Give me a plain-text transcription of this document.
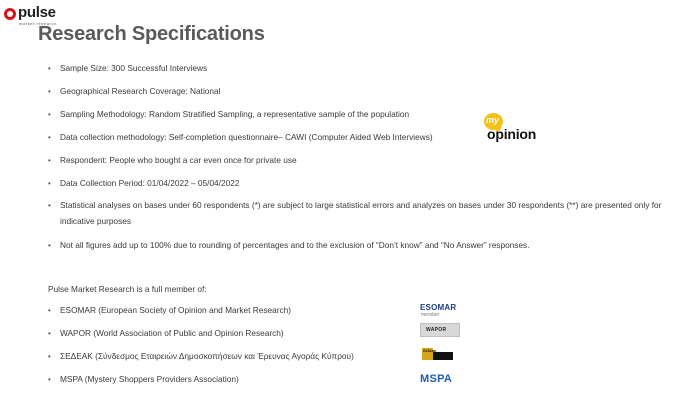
pulse
market research
Research Specifications
• Sample Size: 300 Successful Interviews
• Geographical Research Coverage: National
• Sampling Methodology: Random Stratified Sampling, a representative sample of the population
• Data collection methodology: Self-completion questionnaire– CAWI (Computer Aided Web Interviews)
• Respondent: People who bought a car even once for private use
• Data Collection Period: 01/04/2022 – 05/04/2022
• Statistical analyses on bases under 60 respondents (*) are subject to large statistical errors and analyzes on bases under 30 respondents (**) are presented only for indicative purposes
• Not all figures add up to 100% due to rounding of percentages and to the exclusion of “Don’t know” and “No Answer” responses.
my
opinion
Pulse Market Research is a full member of:
• ESOMAR (European Society of Opinion and Market Research)
• WAPOR (World Association of Public and Opinion Research)
• ΣΕΔΕΑΚ (Σύνδεσμος Εταιρειών Δημοσκοπήσεων και Έρευνας Αγοράς Κύπρου)
• MSPA (Mystery Shoppers Providers Association)
ESOMAR
member
WAPOR
Σεδεακ
MSPA
